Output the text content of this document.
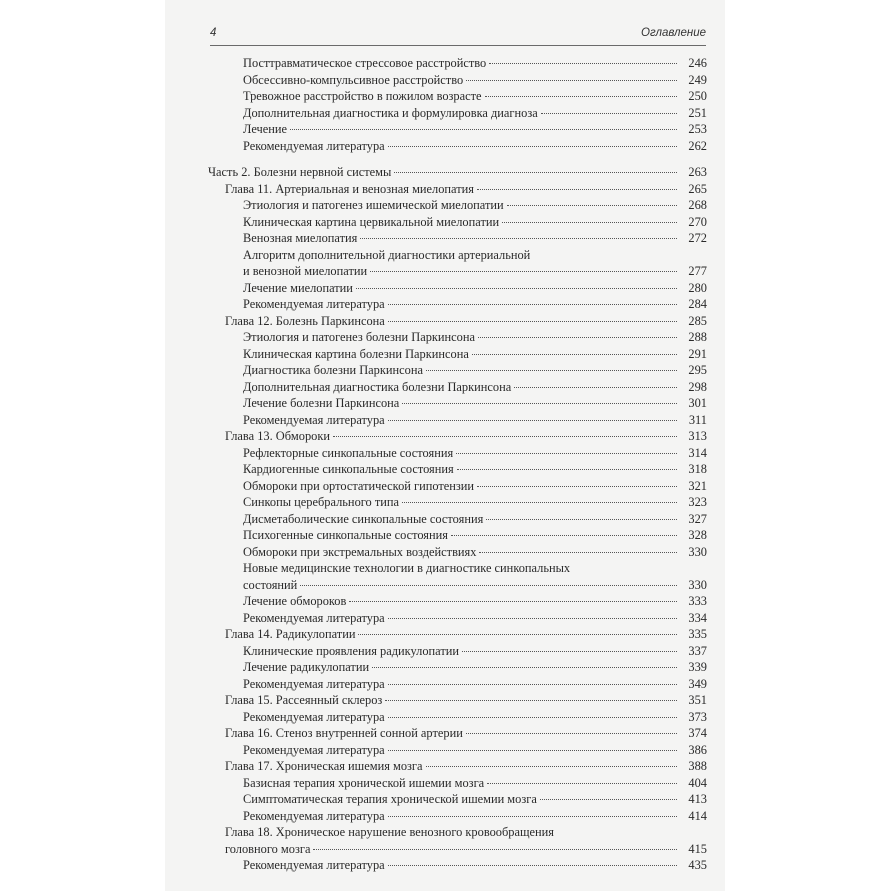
4	Оглавление
Посттравматическое стрессовое расстройство	246
Обсессивно-компульсивное расстройство	249
Тревожное расстройство в пожилом возрасте	250
Дополнительная диагностика и формулировка диагноза	251
Лечение	253
Рекомендуемая литература	262
Часть 2. Болезни нервной системы	263
Глава 11. Артериальная и венозная миелопатия	265
Этиология и патогенез ишемической миелопатии	268
Клиническая картина цервикальной миелопатии	270
Венозная миелопатия	272
Алгоритм дополнительной диагностики артериальной
и венозной миелопатии	277
Лечение миелопатии	280
Рекомендуемая литература	284
Глава 12. Болезнь Паркинсона	285
Этиология и патогенез болезни Паркинсона	288
Клиническая картина болезни Паркинсона	291
Диагностика болезни Паркинсона	295
Дополнительная диагностика болезни Паркинсона	298
Лечение болезни Паркинсона	301
Рекомендуемая литература	311
Глава 13. Обмороки	313
Рефлекторные синкопальные состояния	314
Кардиогенные синкопальные состояния	318
Обмороки при ортостатической гипотензии	321
Синкопы церебрального типа	323
Дисметаболические синкопальные состояния	327
Психогенные синкопальные состояния	328
Обмороки при экстремальных воздействиях	330
Новые медицинские технологии в диагностике синкопальных
состояний	330
Лечение обмороков	333
Рекомендуемая литература	334
Глава 14. Радикулопатии	335
Клинические проявления радикулопатии	337
Лечение радикулопатии	339
Рекомендуемая литература	349
Глава 15. Рассеянный склероз	351
Рекомендуемая литература	373
Глава 16. Стеноз внутренней сонной артерии	374
Рекомендуемая литература	386
Глава 17. Хроническая ишемия мозга	388
Базисная терапия хронической ишемии мозга	404
Симптоматическая терапия хронической ишемии мозга	413
Рекомендуемая литература	414
Глава 18. Хроническое нарушение венозного кровообращения
головного мозга	415
Рекомендуемая литература	435
